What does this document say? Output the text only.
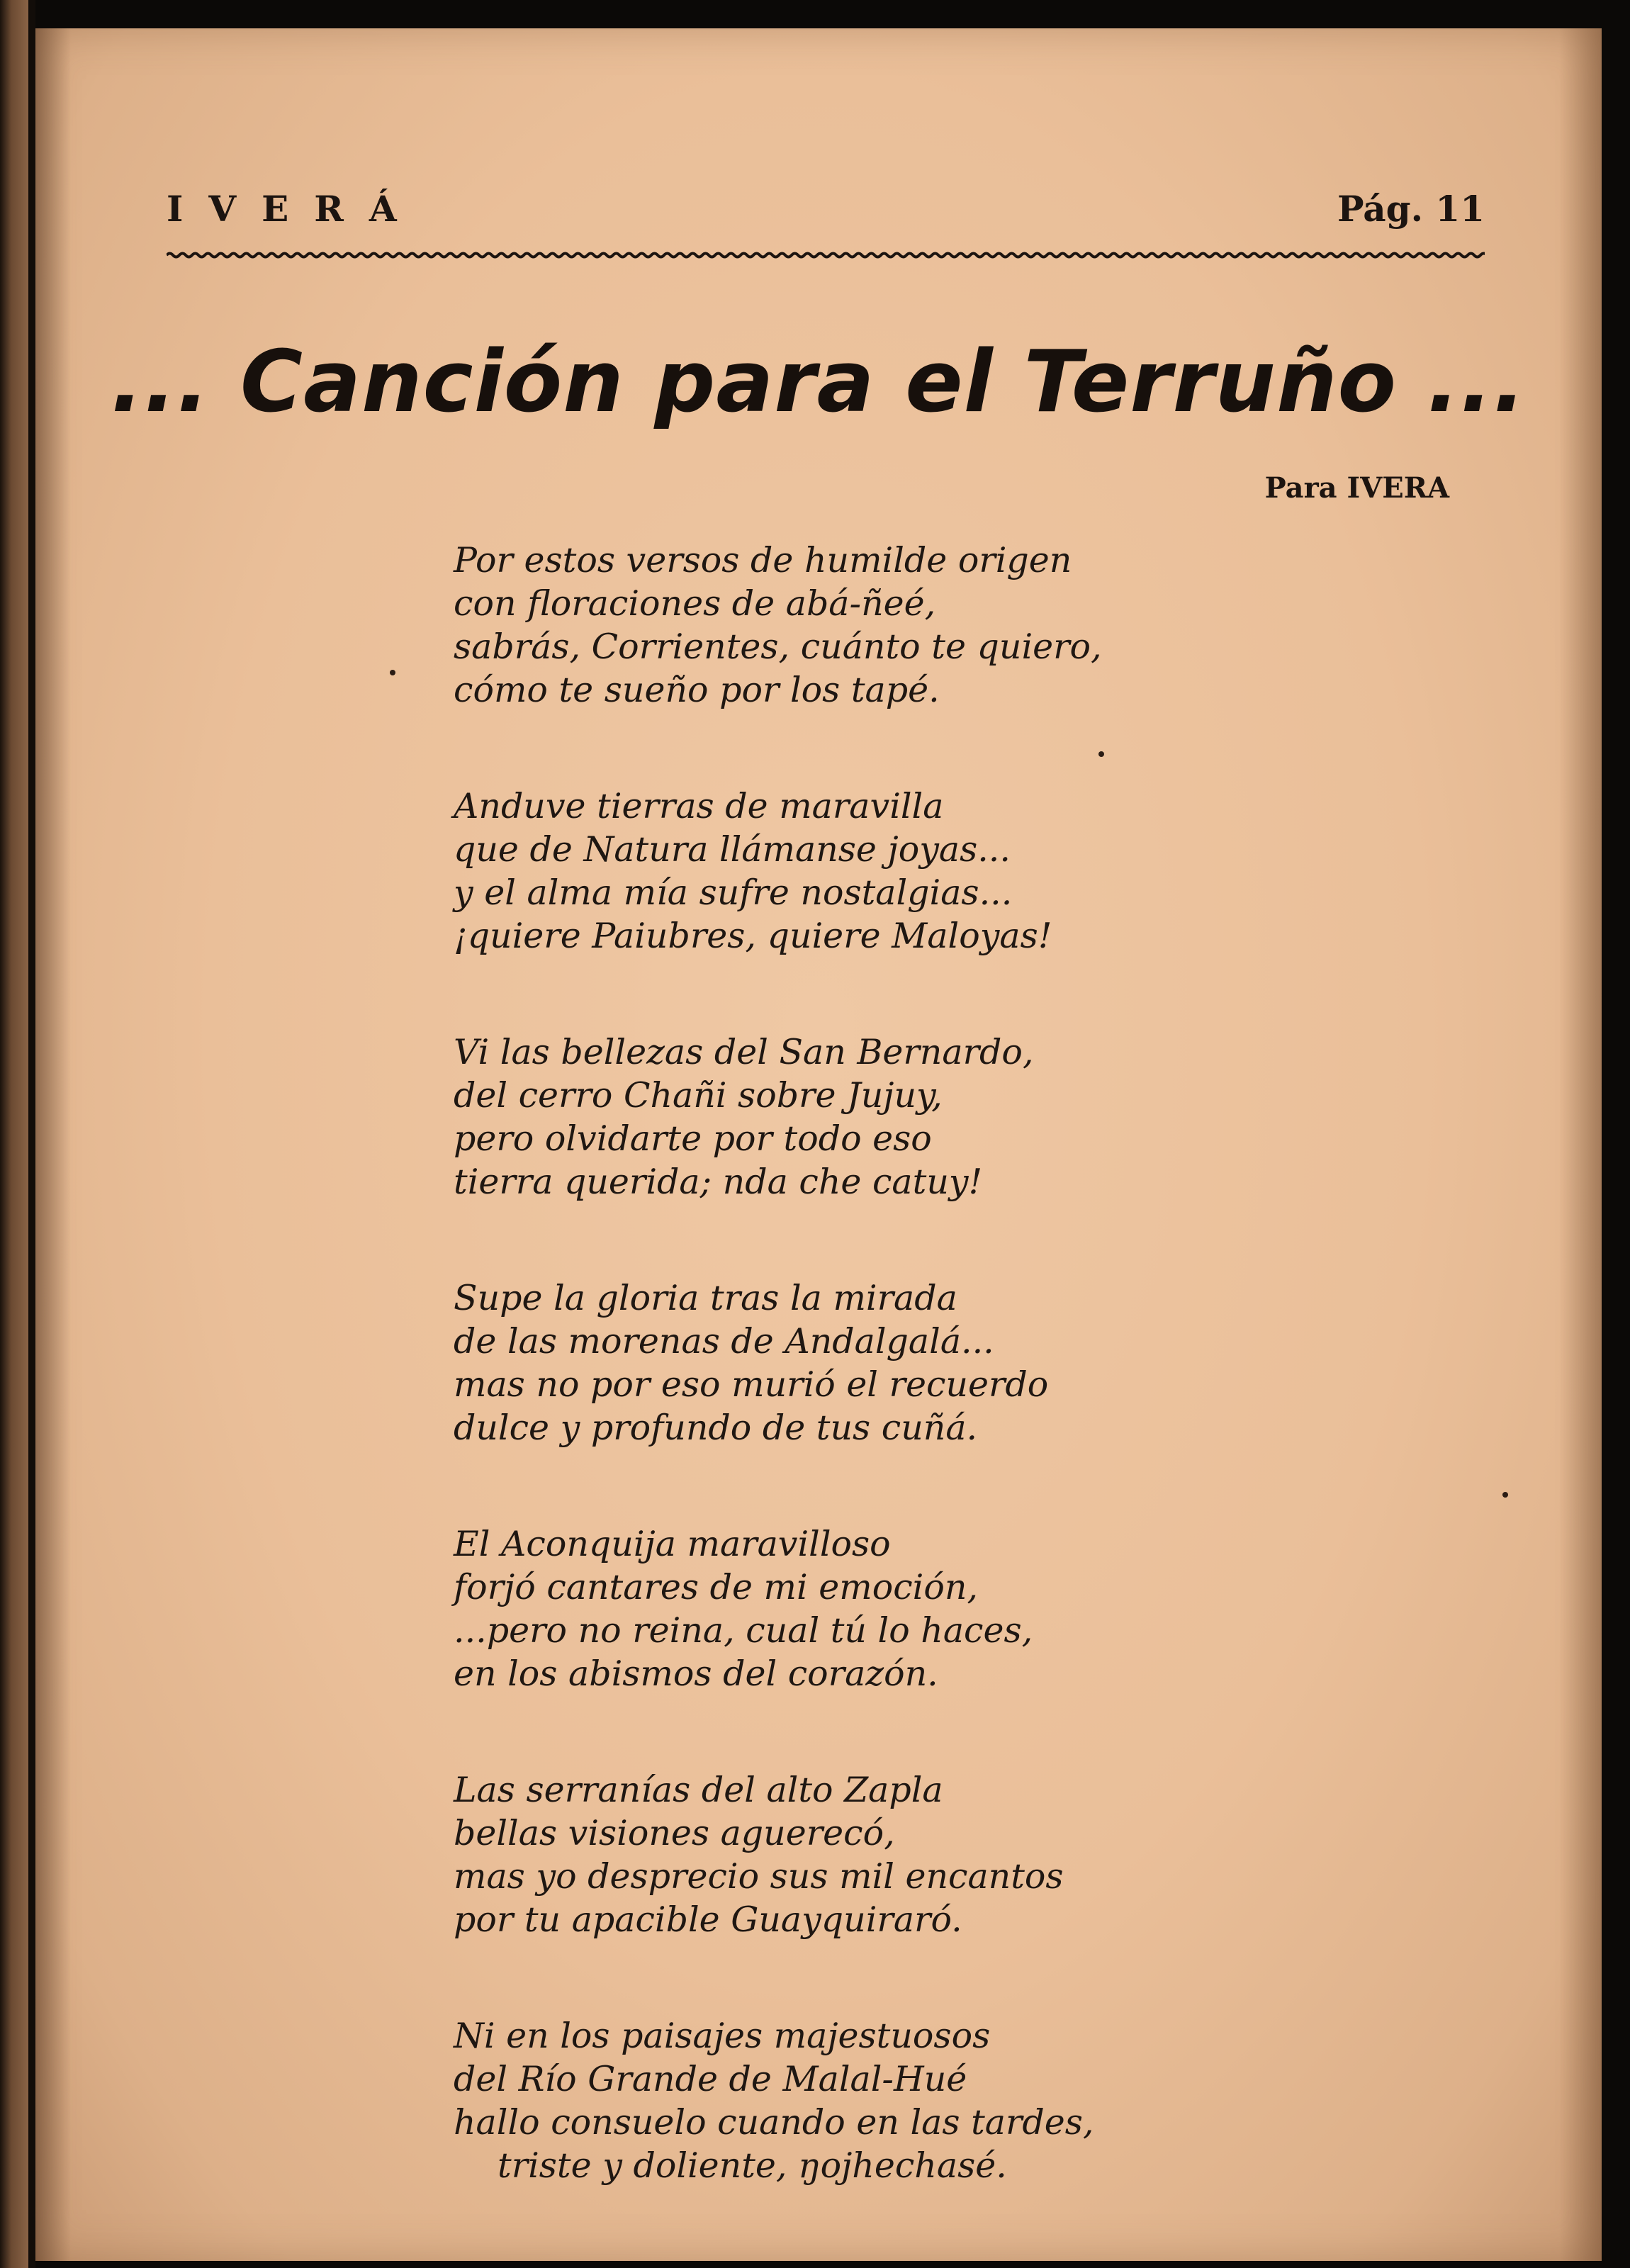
IVERÁ	Pág. 11
... Canción para el Terruño ...
Para IVERA
Por estos versos de humilde origen
con floraciones de abá-ñeé,
sabrás, Corrientes, cuánto te quiero,
cómo te sueño por los tapé.
Anduve tierras de maravilla
que de Natura llámanse joyas...
y el alma mía sufre nostalgias...
¡quiere Paiubres, quiere Maloyas!
Vi las bellezas del San Bernardo,
del cerro Chañi sobre Jujuy,
pero olvidarte por todo eso
tierra querida; nda che catuy!
Supe la gloria tras la mirada
de las morenas de Andalgalá...
mas no por eso murió el recuerdo
dulce y profundo de tus cuñá.
El Aconquija maravilloso
forjó cantares de mi emoción,
...pero no reina, cual tú lo haces,
en los abismos del corazón.
Las serranías del alto Zapla
bellas visiones aguerecó,
mas yo desprecio sus mil encantos
por tu apacible Guayquiraró.
Ni en los paisajes majestuosos
del Río Grande de Malal-Hué
hallo consuelo cuando en las tardes,
triste y doliente, ŋojhechasé.
